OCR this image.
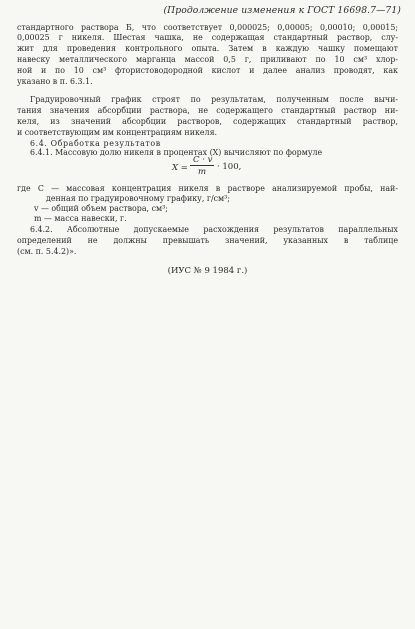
(Продолжение изменения к ГОСТ 16698.7—71)
стандартного раствора Б, что соответствует 0,000025; 0,00005; 0,00010; 0,00015;
0,00025 г никеля. Шестая чашка, не содержащая стандартный раствор, слу-
жит для проведения контрольного опыта. Затем в каждую чашку помещают
навеску металлического марганца массой 0,5 г, приливают по 10 см³ хлор-
ной и по 10 см³ фтористоводородной кислот и далее анализ проводят, как
указано в п. 6.3.1.
Градуировочный график строят по результатам, полученным после вычи-
тания значения абсорбции раствора, не содержащего стандартный раствор ни-
келя, из значений абсорбции растворов, содержащих стандартный раствор,
и соответствующим им концентрациям никеля.
6.4. Обработка результатов
6.4.1. Массовую долю никеля в процентах (X) вычисляют по формуле
X =
C · v
m · 100,
где C — массовая концентрация никеля в растворе анализируемой пробы, най-
денная по градуировочному графику, г/см³;
v — общий объем раствора, см³;
m — масса навески, г.
6.4.2. Абсолютные допускаемые расхождения результатов параллельных
определений не должны превышать значений, указанных в таблице
(см. п. 5.4.2)».
(ИУС № 9 1984 г.)
